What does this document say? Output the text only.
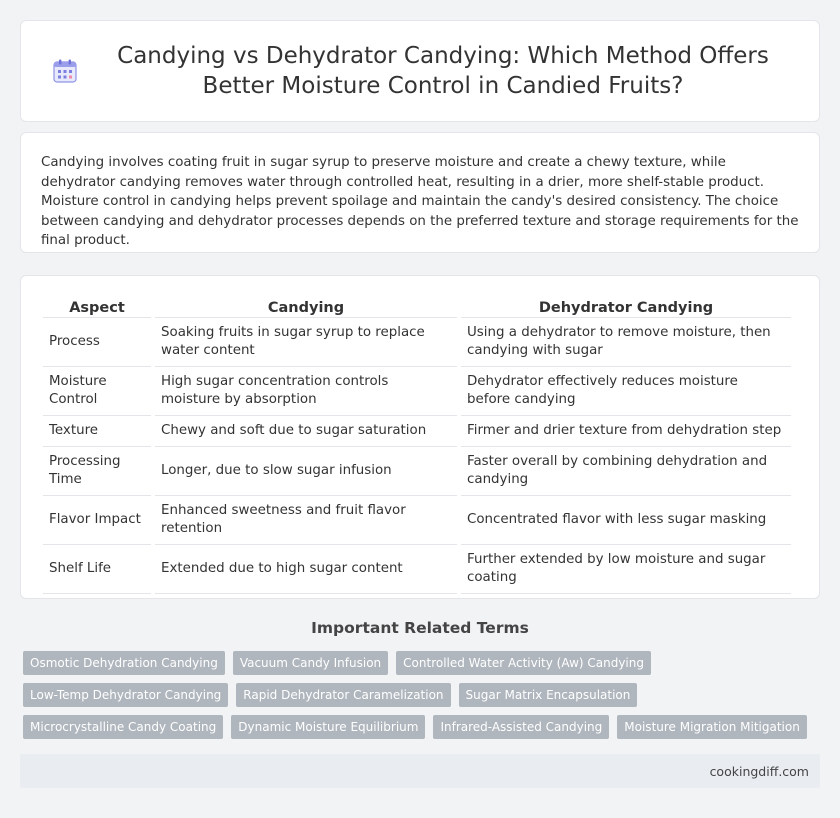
Candying vs Dehydrator Candying: Which Method Offers Better Moisture Control in Candied Fruits?

Candying involves coating fruit in sugar syrup to preserve moisture and create a chewy texture, while dehydrator candying removes water through controlled heat, resulting in a drier, more shelf-stable product. Moisture control in candying helps prevent spoilage and maintain the candy's desired consistency. The choice between candying and dehydrator processes depends on the preferred texture and storage requirements for the final product.

Aspect	Candying	Dehydrator Candying
Process	Soaking fruits in sugar syrup to replace water content	Using a dehydrator to remove moisture, then candying with sugar
Moisture Control	High sugar concentration controls moisture by absorption	Dehydrator effectively reduces moisture before candying
Texture	Chewy and soft due to sugar saturation	Firmer and drier texture from dehydration step
Processing Time	Longer, due to slow sugar infusion	Faster overall by combining dehydration and candying
Flavor Impact	Enhanced sweetness and fruit flavor retention	Concentrated flavor with less sugar masking
Shelf Life	Extended due to high sugar content	Further extended by low moisture and sugar coating
Important Related Terms
Osmotic Dehydration Candying	Vacuum Candy Infusion	Controlled Water Activity (Aw) Candying
Low-Temp Dehydrator Candying	Rapid Dehydrator Caramelization	Sugar Matrix Encapsulation
Microcrystalline Candy Coating	Dynamic Moisture Equilibrium	Infrared-Assisted Candying	Moisture Migration Mitigation
cookingdiff.com
